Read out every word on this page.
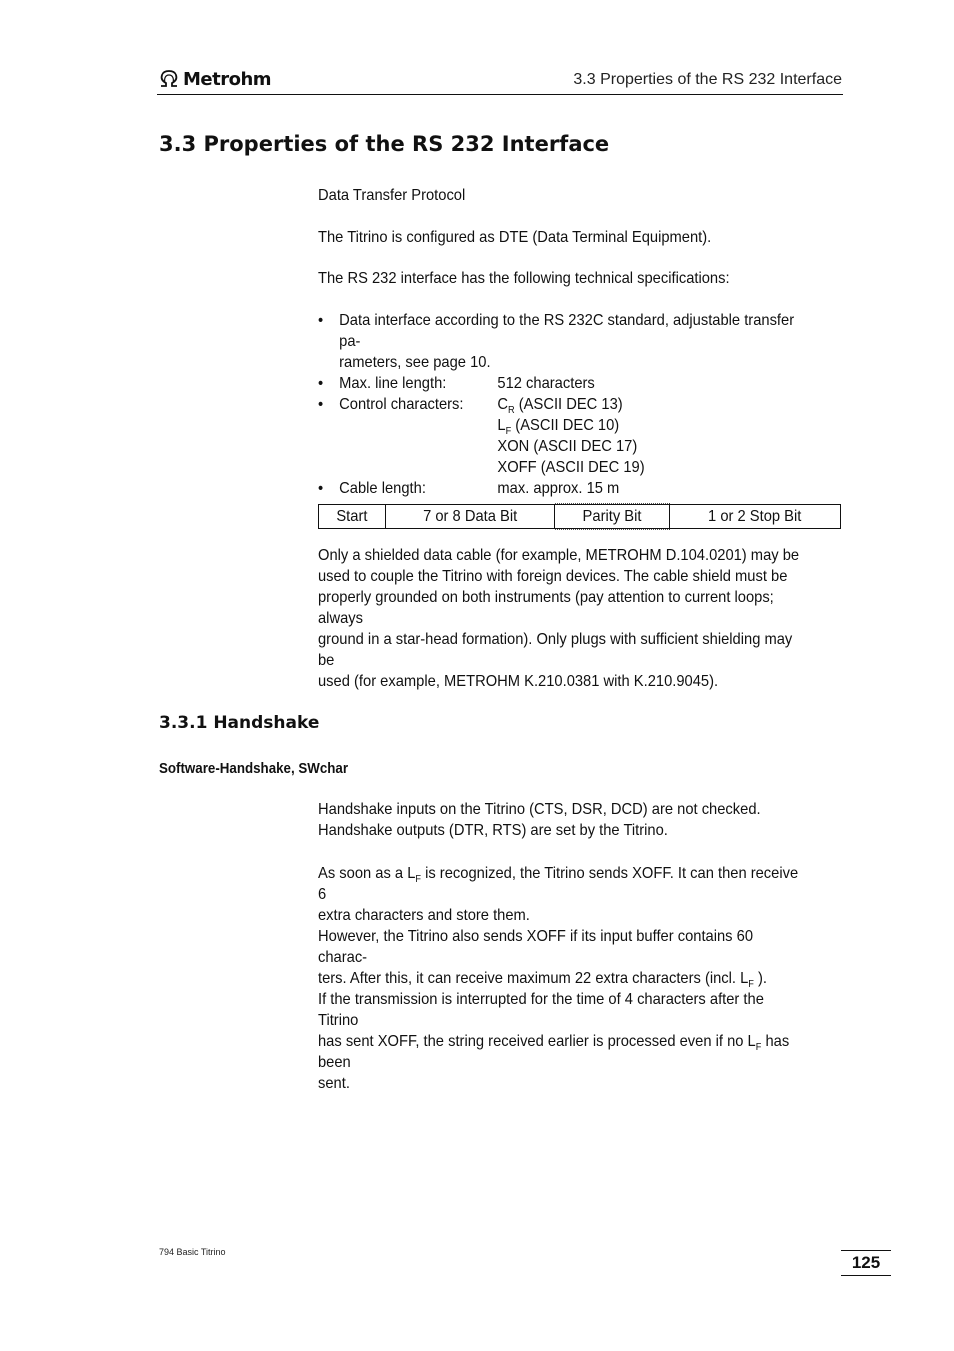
Metrohm	3.3 Properties of the RS 232 Interface
3.3 Properties of the RS 232 Interface
Data Transfer Protocol
The Titrino is configured as DTE (Data Terminal Equipment).
The RS 232 interface has the following technical specifications:
• Data interface according to the RS 232C standard, adjustable transfer pa-
rameters, see page 10.
• Max. line length:	512 characters
• Control characters:	$C_R$ (ASCII DEC 13)
$L_F$ (ASCII DEC 10)
XON (ASCII DEC 17)
XOFF (ASCII DEC 19)
• Cable length:	max. approx. 15 m
Start	7 or 8 Data Bit	Parity Bit	1 or 2 Stop Bit
Only a shielded data cable (for example, METROHM D.104.0201) may be
used to couple the Titrino with foreign devices. The cable shield must be
properly grounded on both instruments (pay attention to current loops; always
ground in a star-head formation). Only plugs with sufficient shielding may be
used (for example, METROHM K.210.0381 with K.210.9045).
3.3.1 Handshake
Software-Handshake, SWchar
Handshake inputs on the Titrino (CTS, DSR, DCD) are not checked.
Handshake outputs (DTR, RTS) are set by the Titrino.
As soon as a $L_F$ is recognized, the Titrino sends XOFF. It can then receive 6
extra characters and store them.
However, the Titrino also sends XOFF if its input buffer contains 60 charac-
ters. After this, it can receive maximum 22 extra characters (incl. $L_F$ ).
If the transmission is interrupted for the time of 4 characters after the Titrino
has sent XOFF, the string received earlier is processed even if no $L_F$ has been
sent.
794 Basic Titrino
125
